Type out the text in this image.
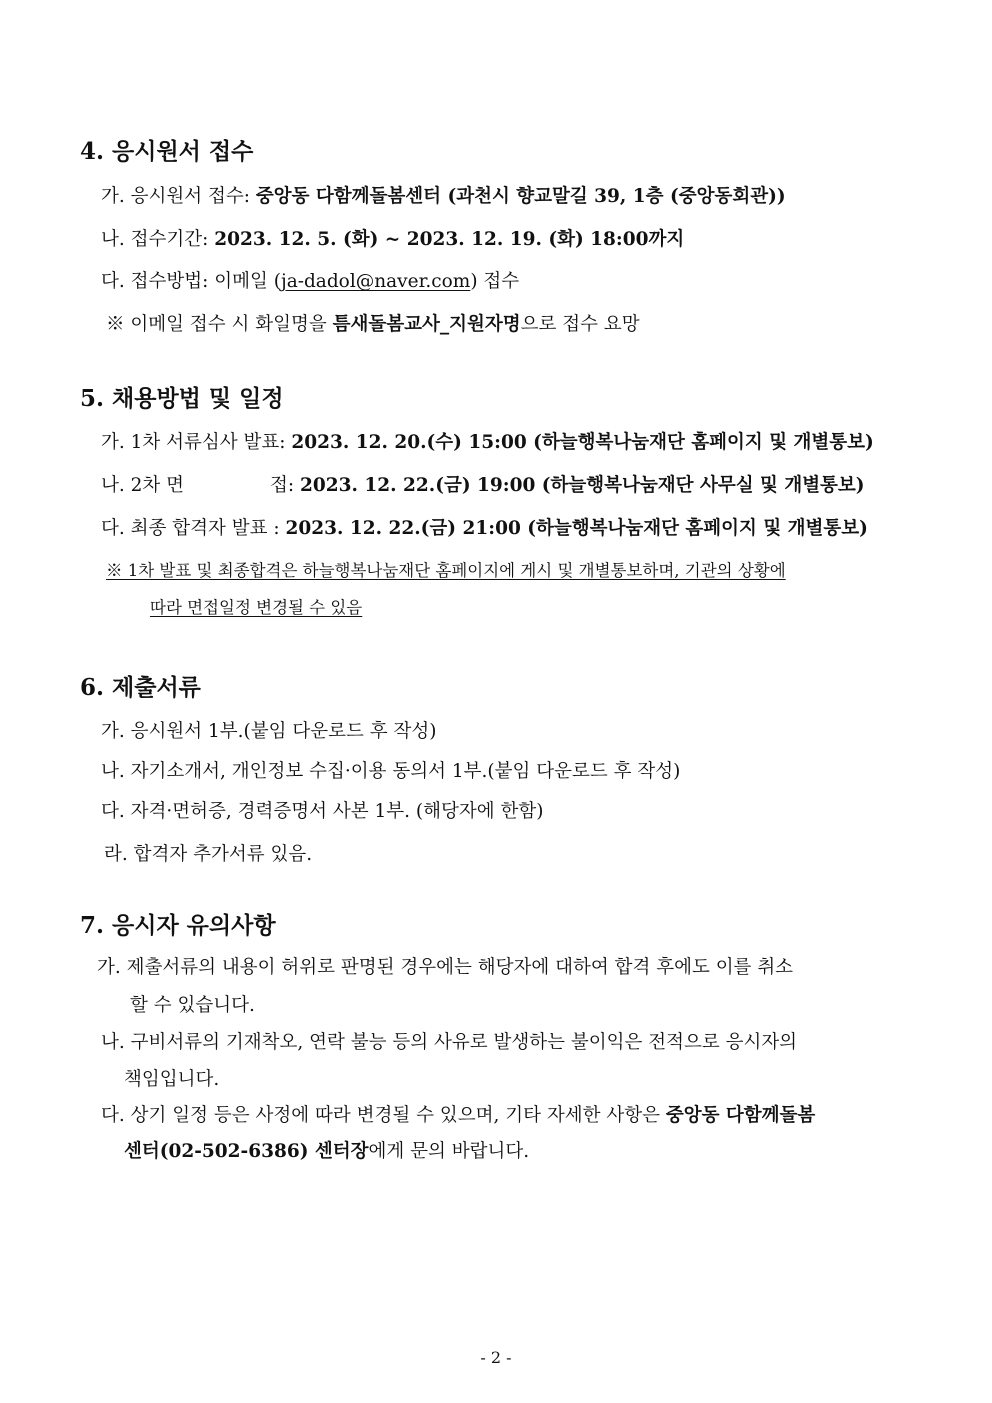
4. 응시원서 접수
가. 응시원서 접수: 중앙동 다함께돌봄센터 (과천시 향교말길 39, 1층 (중앙동회관))
나. 접수기간: 2023. 12. 5. (화) ~ 2023. 12. 19. (화) 18:00까지
다. 접수방법: 이메일 (ja-dadol@naver.com) 접수
※ 이메일 접수 시 화일명을 틈새돌봄교사_지원자명으로 접수 요망
5. 채용방법 및 일정
가. 1차 서류심사 발표: 2023. 12. 20.(수) 15:00 (하늘행복나눔재단 홈페이지 및 개별통보)
나. 2차 면	접: 2023. 12. 22.(금) 19:00 (하늘행복나눔재단 사무실 및 개별통보)
다. 최종 합격자 발표 : 2023. 12. 22.(금) 21:00 (하늘행복나눔재단 홈페이지 및 개별통보)
※ 1차 발표 및 최종합격은 하늘행복나눔재단 홈페이지에 게시 및 개별통보하며, 기관의 상황에
따라 면접일정 변경될 수 있음
6. 제출서류
가. 응시원서 1부.(붙임 다운로드 후 작성)
나. 자기소개서, 개인정보 수집·이용 동의서 1부.(붙임 다운로드 후 작성)
다. 자격·면허증, 경력증명서 사본 1부. (해당자에 한함)
라. 합격자 추가서류 있음.
7. 응시자 유의사항
가. 제출서류의 내용이 허위로 판명된 경우에는 해당자에 대하여 합격 후에도 이를 취소
할 수 있습니다.
나. 구비서류의 기재착오, 연락 불능 등의 사유로 발생하는 불이익은 전적으로 응시자의
책임입니다.
다. 상기 일정 등은 사정에 따라 변경될 수 있으며, 기타 자세한 사항은 중앙동 다함께돌봄
센터(02-502-6386) 센터장에게 문의 바랍니다.
- 2 -
